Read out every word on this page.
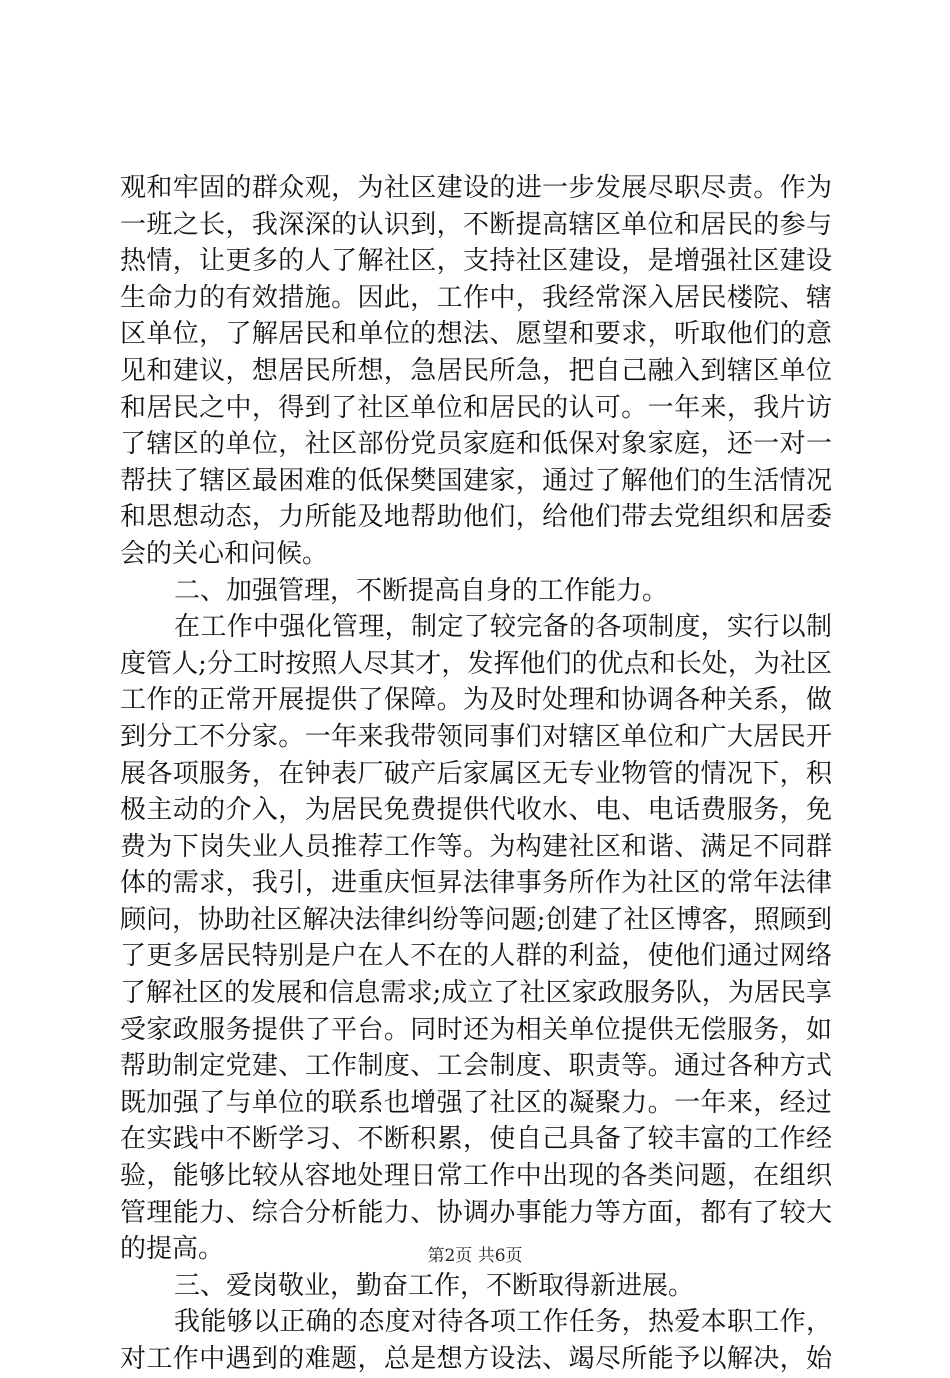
观和牢固的群众观，为社区建设的进一步发展尽职尽责。作为
一班之长，我深深的认识到，不断提高辖区单位和居民的参与
热情，让更多的人了解社区，支持社区建设，是增强社区建设
生命力的有效措施。因此，工作中，我经常深入居民楼院、辖
区单位，了解居民和单位的想法、愿望和要求，听取他们的意
见和建议，想居民所想，急居民所急，把自己融入到辖区单位
和居民之中，得到了社区单位和居民的认可。一年来，我片访
了辖区的单位，社区部份党员家庭和低保对象家庭，还一对一
帮扶了辖区最困难的低保樊国建家，通过了解他们的生活情况
和思想动态，力所能及地帮助他们，给他们带去党组织和居委
会的关心和问候。
二、加强管理，不断提高自身的工作能力。
在工作中强化管理，制定了较完备的各项制度，实行以制
度管人;分工时按照人尽其才，发挥他们的优点和长处，为社区
工作的正常开展提供了保障。为及时处理和协调各种关系，做
到分工不分家。一年来我带领同事们对辖区单位和广大居民开
展各项服务，在钟表厂破产后家属区无专业物管的情况下，积
极主动的介入，为居民免费提供代收水、电、电话费服务，免
费为下岗失业人员推荐工作等。为构建社区和谐、满足不同群
体的需求，我引，进重庆恒昇法律事务所作为社区的常年法律
顾问，协助社区解决法律纠纷等问题;创建了社区博客，照顾到
了更多居民特别是户在人不在的人群的利益，使他们通过网络
了解社区的发展和信息需求;成立了社区家政服务队，为居民享
受家政服务提供了平台。同时还为相关单位提供无偿服务，如
帮助制定党建、工作制度、工会制度、职责等。通过各种方式
既加强了与单位的联系也增强了社区的凝聚力。一年来，经过
在实践中不断学习、不断积累，使自己具备了较丰富的工作经
验，能够比较从容地处理日常工作中出现的各类问题，在组织
管理能力、综合分析能力、协调办事能力等方面，都有了较大
的提高。
三、爱岗敬业，勤奋工作，不断取得新进展。
我能够以正确的态度对待各项工作任务，热爱本职工作，
对工作中遇到的难题，总是想方设法、竭尽所能予以解决，始
第2页 共6页
